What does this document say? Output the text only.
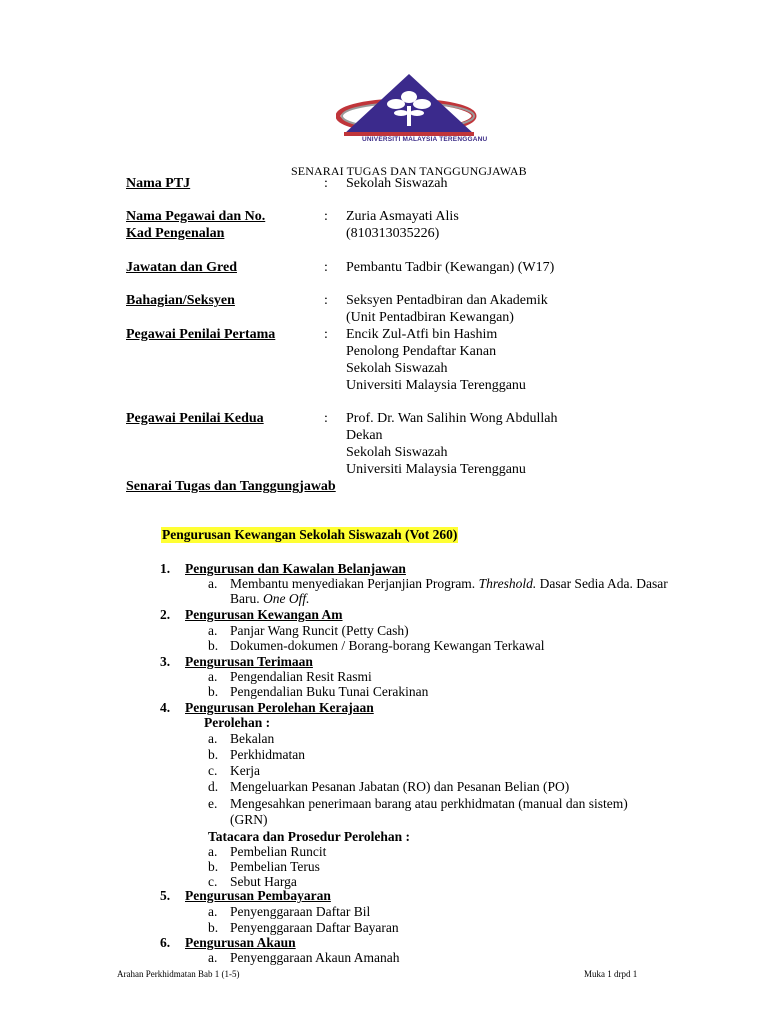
UNIVERSITI MALAYSIA TERENGGANU
SENARAI TUGAS DAN TANGGUNGJAWAB
Nama PTJ	: Sekolah Siswazah
Nama Pegawai dan No.	: Zuria Asmayati Alis
Kad Pengenalan	(810313035226)
Jawatan dan Gred	: Pembantu Tadbir (Kewangan) (W17)
Bahagian/Seksyen	: Seksyen Pentadbiran dan Akademik
(Unit Pentadbiran Kewangan)
Pegawai Penilai Pertama	: Encik Zul-Atfi bin Hashim
Penolong Pendaftar Kanan
Sekolah Siswazah
Universiti Malaysia Terengganu
Pegawai Penilai Kedua	: Prof. Dr. Wan Salihin Wong Abdullah
Dekan
Sekolah Siswazah
Universiti Malaysia Terengganu
Senarai Tugas dan Tanggungjawab
Pengurusan Kewangan Sekolah Siswazah (Vot 260)
1. Pengurusan dan Kawalan Belanjawan
a. Membantu menyediakan Perjanjian Program. Threshold. Dasar Sedia Ada. Dasar
Baru. One Off.
2. Pengurusan Kewangan Am
a. Panjar Wang Runcit (Petty Cash)
b. Dokumen-dokumen / Borang-borang Kewangan Terkawal
3. Pengurusan Terimaan
a. Pengendalian Resit Rasmi
b. Pengendalian Buku Tunai Cerakinan
4. Pengurusan Perolehan Kerajaan
Perolehan :
a. Bekalan
b. Perkhidmatan
c. Kerja
d. Mengeluarkan Pesanan Jabatan (RO) dan Pesanan Belian (PO)
e. Mengesahkan penerimaan barang atau perkhidmatan (manual dan sistem)
(GRN)
Tatacara dan Prosedur Perolehan :
a. Pembelian Runcit
b. Pembelian Terus
c. Sebut Harga
5. Pengurusan Pembayaran
a. Penyenggaraan Daftar Bil
b. Penyenggaraan Daftar Bayaran
6. Pengurusan Akaun
a. Penyenggaraan Akaun Amanah
Arahan Perkhidmatan Bab 1 (1-5)	Muka 1 drpd 1
